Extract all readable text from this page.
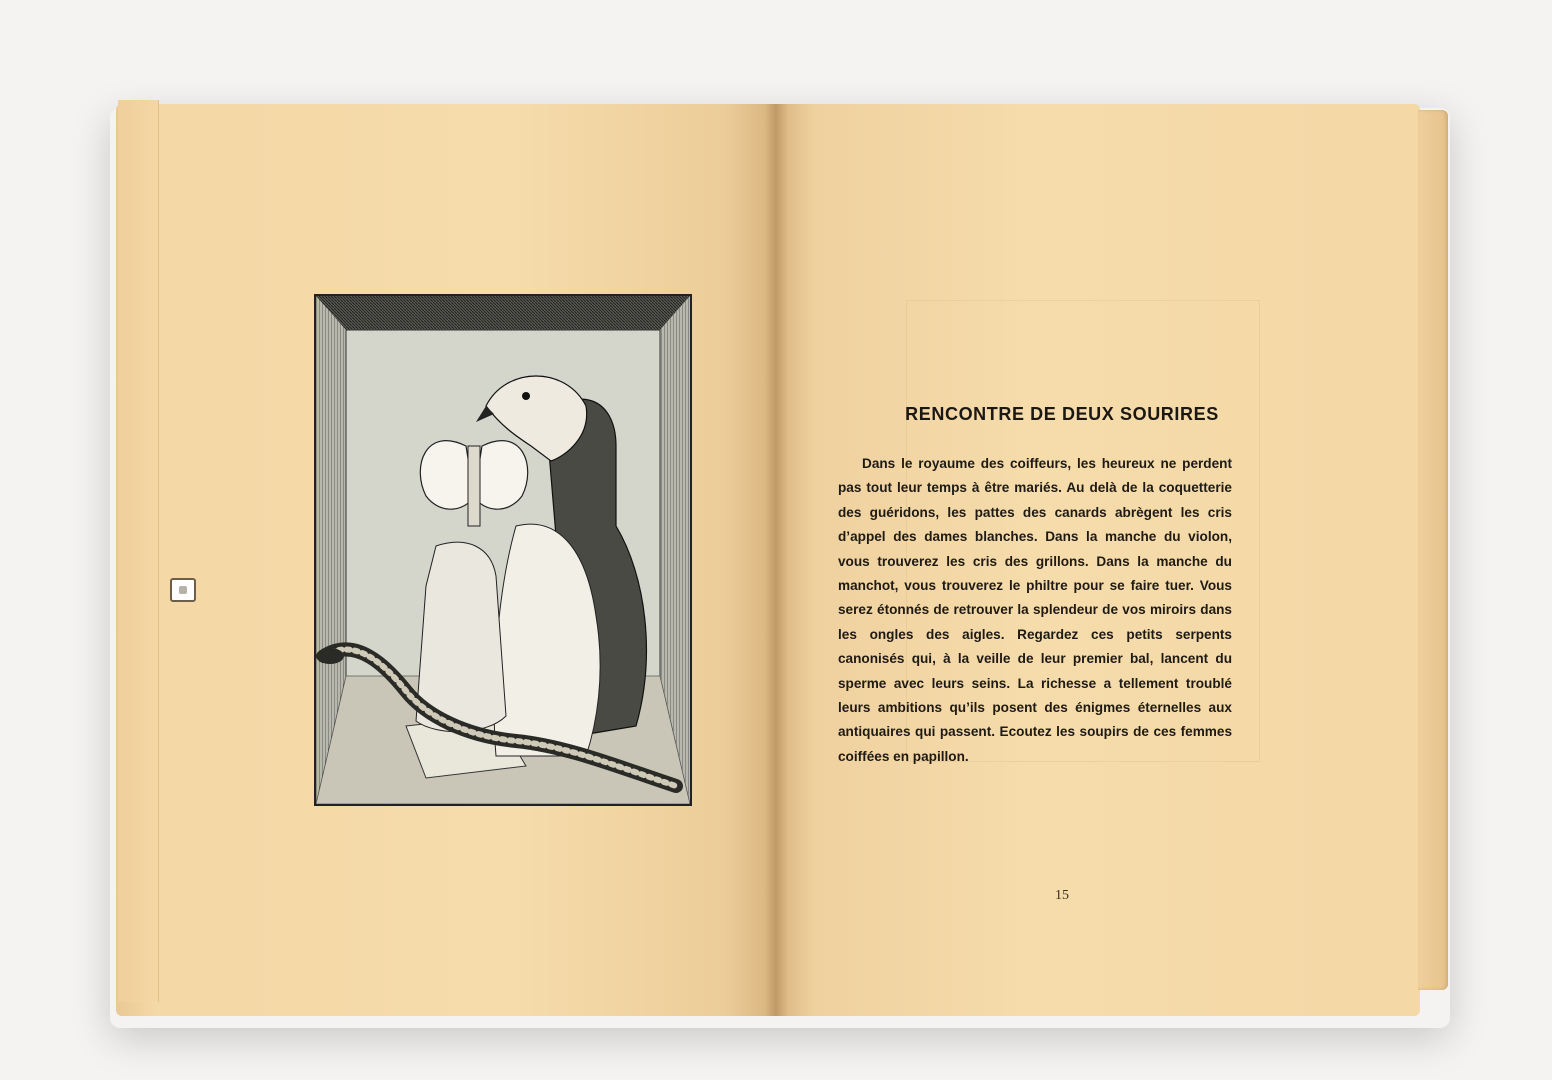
RENCONTRE DE DEUX SOURIRES
Dans le royaume des coiffeurs, les heureux ne perdent pas tout leur temps à être mariés. Au delà de la coquetterie des guéridons, les pattes des canards abrègent les cris d’appel des dames blanches. Dans la manche du violon, vous trouverez les cris des grillons. Dans la manche du manchot, vous trouverez le philtre pour se faire tuer. Vous serez étonnés de retrouver la splendeur de vos miroirs dans les ongles des aigles. Regardez ces petits serpents canonisés qui, à la veille de leur premier bal, lancent du sperme avec leurs seins. La richesse a tellement troublé leurs ambitions qu’ils posent des énigmes éternelles aux antiquaires qui passent. Ecoutez les soupirs de ces femmes coiffées en papillon.
15
